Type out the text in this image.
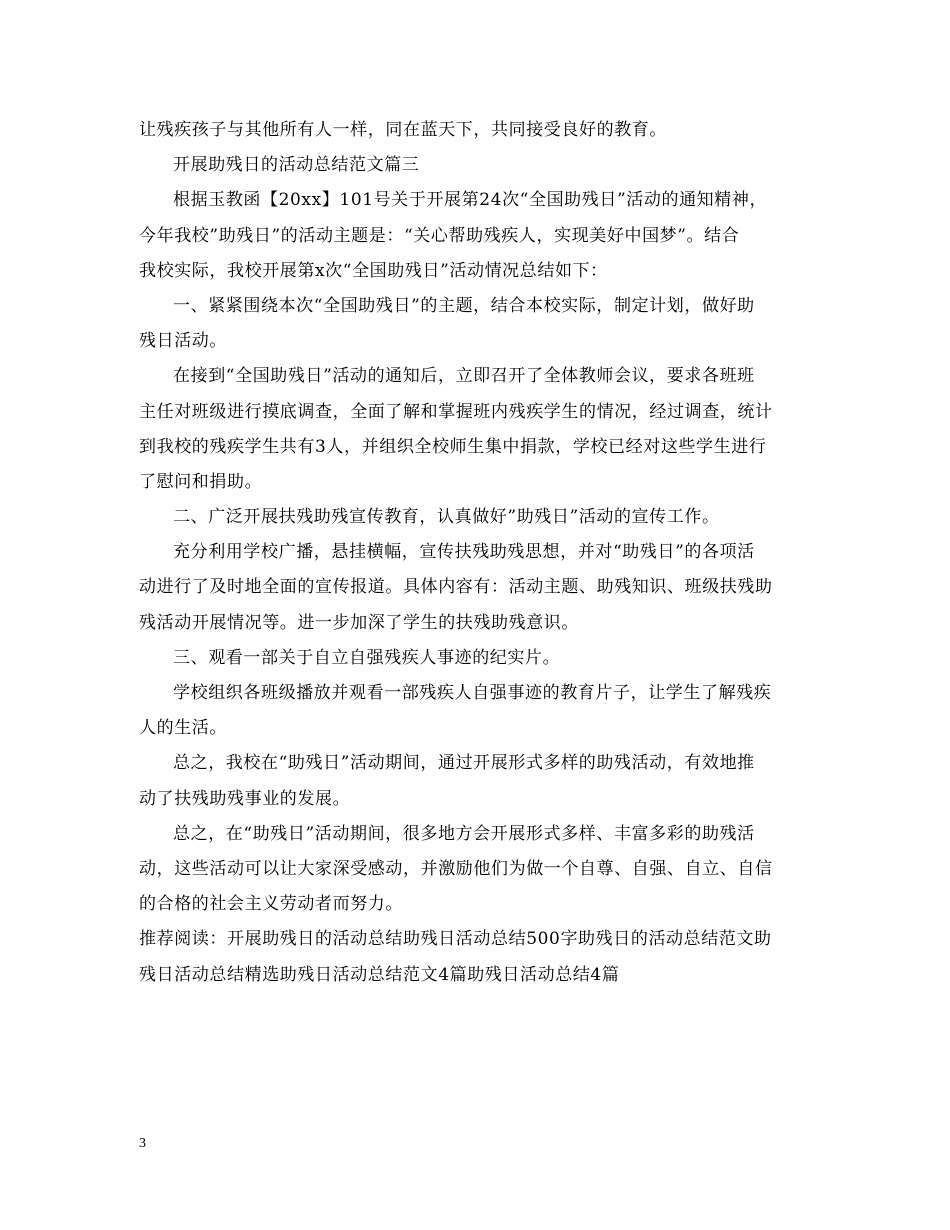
让残疾孩子与其他所有人一样，同在蓝天下，共同接受良好的教育。
开展助残日的活动总结范文篇三
根据玉教函【20xx】101号关于开展第24次“全国助残日”活动的通知精神，
今年我校”助残日”的活动主题是：“关心帮助残疾人，实现美好中国梦”。结合
我校实际，我校开展第x次“全国助残日”活动情况总结如下：
一、紧紧围绕本次“全国助残日”的主题，结合本校实际，制定计划，做好助
残日活动。
在接到“全国助残日”活动的通知后，立即召开了全体教师会议，要求各班班
主任对班级进行摸底调查，全面了解和掌握班内残疾学生的情况，经过调查，统计
到我校的残疾学生共有3人，并组织全校师生集中捐款，学校已经对这些学生进行
了慰问和捐助。
二、广泛开展扶残助残宣传教育，认真做好”助残日”活动的宣传工作。
充分利用学校广播，悬挂横幅，宣传扶残助残思想，并对“助残日”的各项活
动进行了及时地全面的宣传报道。具体内容有：活动主题、助残知识、班级扶残助
残活动开展情况等。进一步加深了学生的扶残助残意识。
三、观看一部关于自立自强残疾人事迹的纪实片。
学校组织各班级播放并观看一部残疾人自强事迹的教育片子，让学生了解残疾
人的生活。
总之，我校在“助残日”活动期间，通过开展形式多样的助残活动，有效地推
动了扶残助残事业的发展。
总之，在“助残日”活动期间，很多地方会开展形式多样、丰富多彩的助残活
动，这些活动可以让大家深受感动，并激励他们为做一个自尊、自强、自立、自信
的合格的社会主义劳动者而努力。
推荐阅读：开展助残日的活动总结助残日活动总结500字助残日的活动总结范文助
残日活动总结精选助残日活动总结范文4篇助残日活动总结4篇
3
